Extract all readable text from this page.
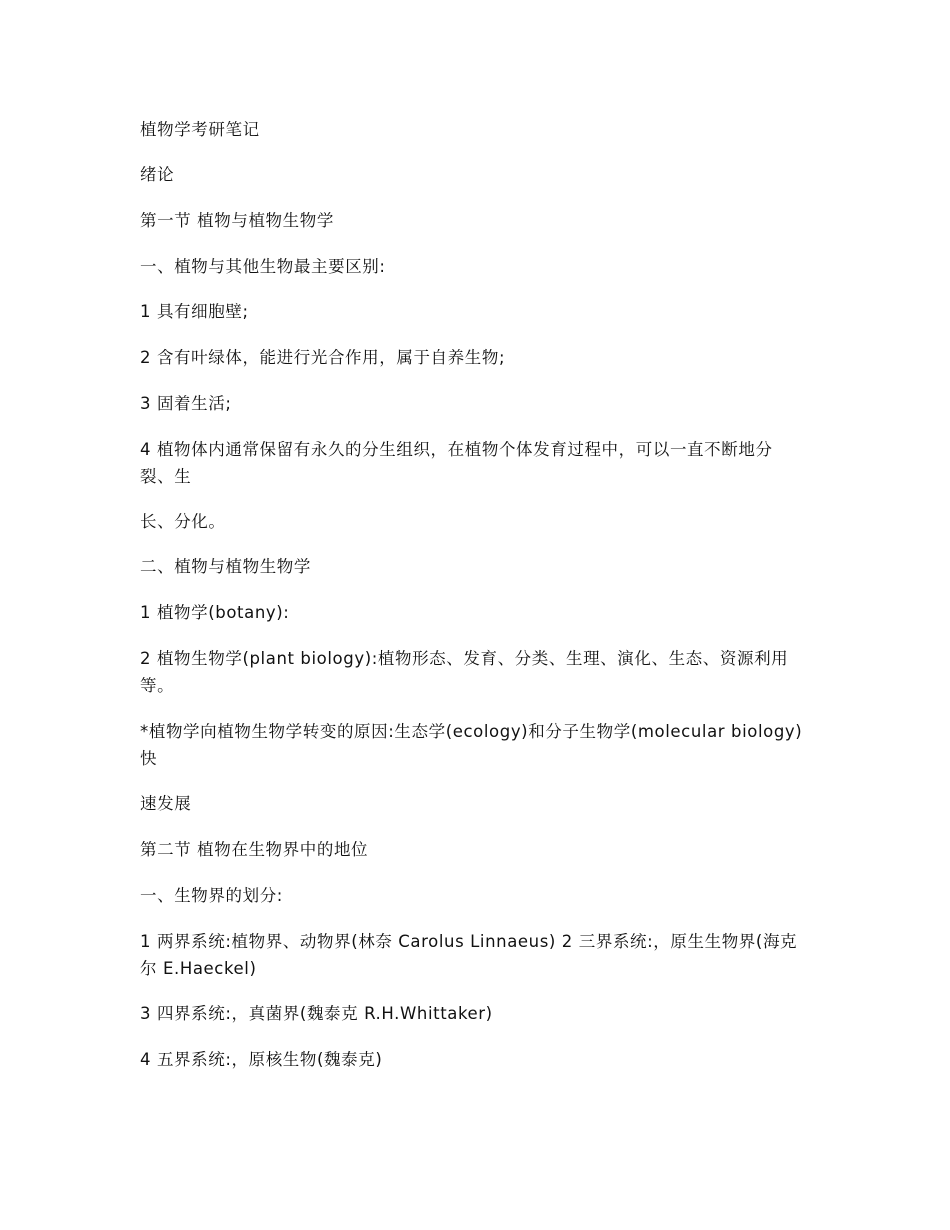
植物学考研笔记

绪论

第一节 植物与植物生物学

一、植物与其他生物最主要区别:

1 具有细胞壁;

2 含有叶绿体，能进行光合作用，属于自养生物;

3 固着生活;

4 植物体内通常保留有永久的分生组织，在植物个体发育过程中，可以一直不断地分裂、生

长、分化。

二、植物与植物生物学

1 植物学(botany):

2 植物生物学(plant biology):植物形态、发育、分类、生理、演化、生态、资源利用等。

*植物学向植物生物学转变的原因:生态学(ecology)和分子生物学(molecular biology)快

速发展

第二节 植物在生物界中的地位

一、生物界的划分:

1 两界系统:植物界、动物界(林奈 Carolus Linnaeus) 2 三界系统:，原生生物界(海克尔 E.Haeckel)

3 四界系统:，真菌界(魏泰克 R.H.Whittaker)

4 五界系统:，原核生物(魏泰克)
